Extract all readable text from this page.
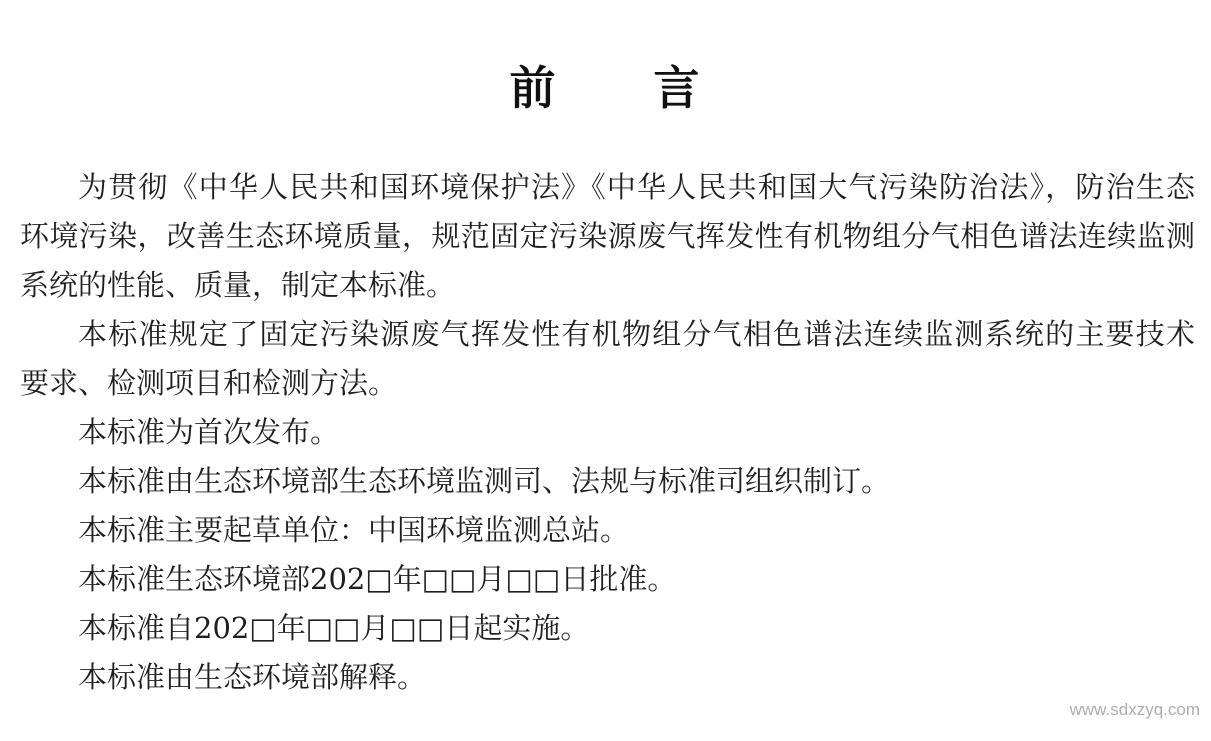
前　　言
为贯彻《中华人民共和国环境保护法》《中华人民共和国大气污染防治法》，防治生态
环境污染，改善生态环境质量，规范固定污染源废气挥发性有机物组分气相色谱法连续监测
系统的性能、质量，制定本标准。
本标准规定了固定污染源废气挥发性有机物组分气相色谱法连续监测系统的主要技术
要求、检测项目和检测方法。
本标准为首次发布。
本标准由生态环境部生态环境监测司、法规与标准司组织制订。
本标准主要起草单位：中国环境监测总站。
本标准生态环境部202□年□□月□□日批准。
本标准自202□年□□月□□日起实施。
本标准由生态环境部解释。
www.sdxzyq.com
